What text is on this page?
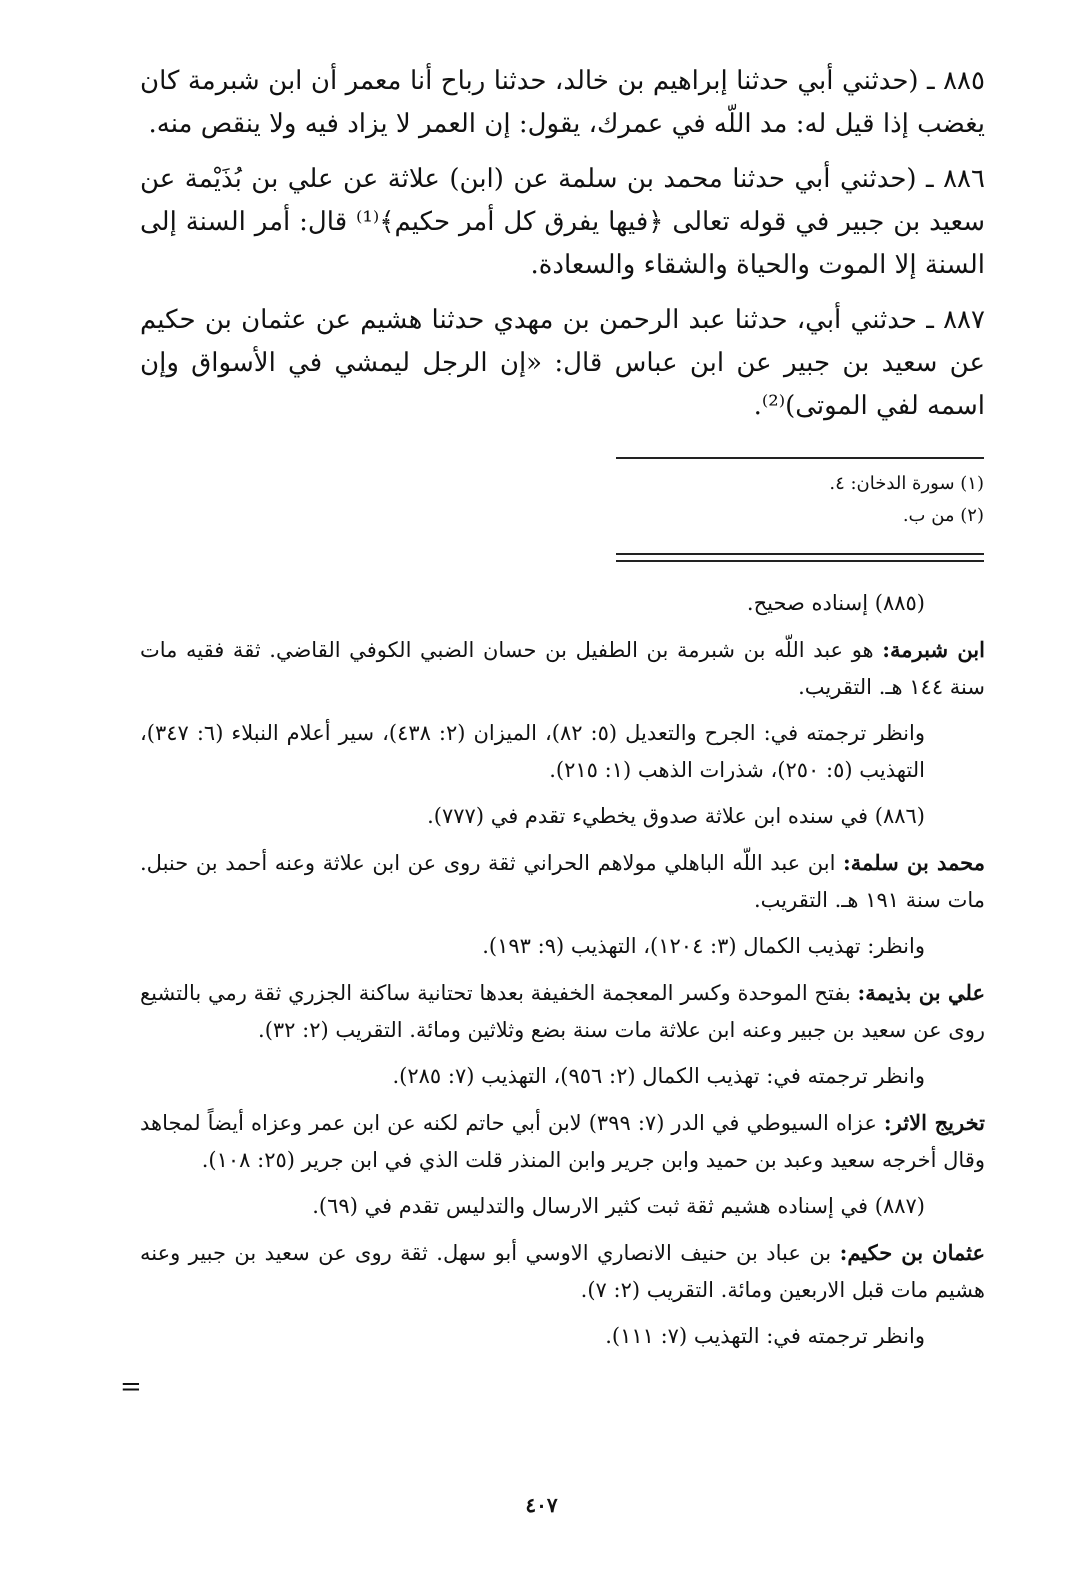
٨٨٥ ـ (حدثني أبي حدثنا إبراهيم بن خالد، حدثنا رباح أنا معمر أن ابن شبرمة كان يغضب إذا قيل له: مد اللّه في عمرك، يقول: إن العمر لا يزاد فيه ولا ينقص منه.

٨٨٦ ـ (حدثني أبي حدثنا محمد بن سلمة عن (ابن) علاثة عن علي بن بُذَيْمة عن سعيد بن جبير في قوله تعالى ﴿فيها يفرق كل أمر حكيم﴾⁽¹⁾ قال: أمر السنة إلى السنة إلا الموت والحياة والشقاء والسعادة.

٨٨٧ ـ حدثني أبي، حدثنا عبد الرحمن بن مهدي حدثنا هشيم عن عثمان بن حكيم عن سعيد بن جبير عن ابن عباس قال: «إن الرجل ليمشي في الأسواق وإن اسمه لفي الموتى)⁽²⁾.

(١) سورة الدخان: ٤.
(٢) من ب.

(٨٨٥) إسناده صحيح.

ابن شبرمة: هو عبد اللّه بن شبرمة بن الطفيل بن حسان الضبي الكوفي القاضي. ثقة فقيه مات سنة ١٤٤ هـ. التقريب.

وانظر ترجمته في: الجرح والتعديل (٥: ٨٢)، الميزان (٢: ٤٣٨)، سير أعلام النبلاء (٦: ٣٤٧)، التهذيب (٥: ٢٥٠)، شذرات الذهب (١: ٢١٥).

(٨٨٦) في سنده ابن علاثة صدوق يخطيء تقدم في (٧٧٧).

محمد بن سلمة: ابن عبد اللّه الباهلي مولاهم الحراني ثقة روى عن ابن علاثة وعنه أحمد بن حنبل. مات سنة ١٩١ هـ. التقريب.

وانظر: تهذيب الكمال (٣: ١٢٠٤)، التهذيب (٩: ١٩٣).

علي بن بذيمة: بفتح الموحدة وكسر المعجمة الخفيفة بعدها تحتانية ساكنة الجزري ثقة رمي بالتشيع روى عن سعيد بن جبير وعنه ابن علاثة مات سنة بضع وثلاثين ومائة. التقريب (٢: ٣٢).

وانظر ترجمته في: تهذيب الكمال (٢: ٩٥٦)، التهذيب (٧: ٢٨٥).

تخريج الاثر: عزاه السيوطي في الدر (٧: ٣٩٩) لابن أبي حاتم لكنه عن ابن عمر وعزاه أيضاً لمجاهد وقال أخرجه سعيد وعبد بن حميد وابن جرير وابن المنذر قلت الذي في ابن جرير (٢٥: ١٠٨).

(٨٨٧) في إسناده هشيم ثقة ثبت كثير الارسال والتدليس تقدم في (٦٩).

عثمان بن حكيم: بن عباد بن حنيف الانصاري الاوسي أبو سهل. ثقة روى عن سعيد بن جبير وعنه هشيم مات قبل الاربعين ومائة. التقريب (٢: ٧).

وانظر ترجمته في: التهذيب (٧: ١١١).

=
٤٠٧
